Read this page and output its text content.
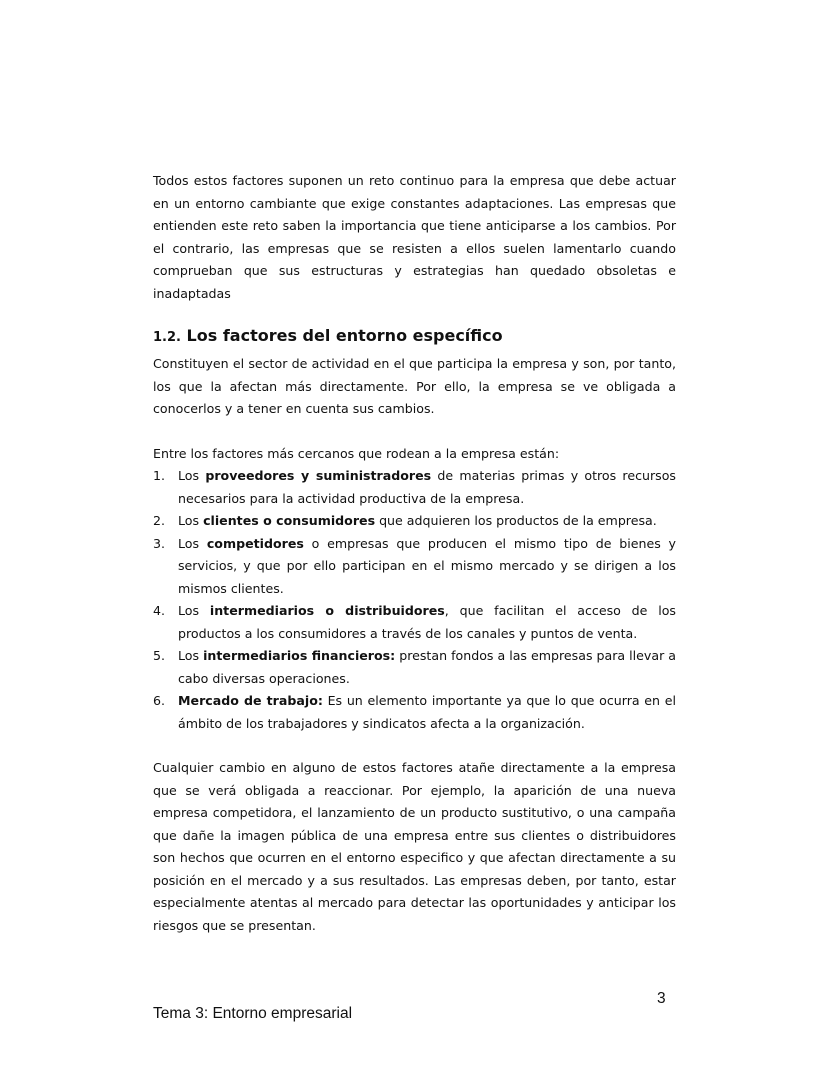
Todos estos factores suponen un reto continuo para la empresa que debe actuar en un entorno cambiante que exige constantes adaptaciones. Las empresas que entienden este reto saben la importancia que tiene anticiparse a los cambios. Por el contrario, las empresas que se resisten a ellos suelen lamentarlo cuando comprueban que sus estructuras y estrategias han quedado obsoletas e inadaptadas

1.2. Los factores del entorno específico

Constituyen el sector de actividad en el que participa la empresa y son, por tanto, los que la afectan más directamente. Por ello, la empresa se ve obligada a conocerlos y a tener en cuenta sus cambios.

Entre los factores más cercanos que rodean a la empresa están:

1. Los proveedores y suministradores de materias primas y otros recursos necesarios para la actividad productiva de la empresa.
2. Los clientes o consumidores que adquieren los productos de la empresa.
3. Los competidores o empresas que producen el mismo tipo de bienes y servicios, y que por ello participan en el mismo mercado y se dirigen a los mismos clientes.
4. Los intermediarios o distribuidores, que facilitan el acceso de los productos a los consumidores a través de los canales y puntos de venta.
5. Los intermediarios financieros: prestan fondos a las empresas para llevar a cabo diversas operaciones.
6. Mercado de trabajo: Es un elemento importante ya que lo que ocurra en el ámbito de los trabajadores y sindicatos afecta a la organización.

Cualquier cambio en alguno de estos factores atañe directamente a la empresa que se verá obligada a reaccionar. Por ejemplo, la aparición de una nueva empresa competidora, el lanzamiento de un producto sustitutivo, o una campaña que dañe la imagen pública de una empresa entre sus clientes o distribuidores son hechos que ocurren en el entorno especifico y que afectan directamente a su posición en el mercado y a sus resultados. Las empresas deben, por tanto, estar especialmente atentas al mercado para detectar las oportunidades y anticipar los riesgos que se presentan.

3
Tema 3: Entorno empresarial
